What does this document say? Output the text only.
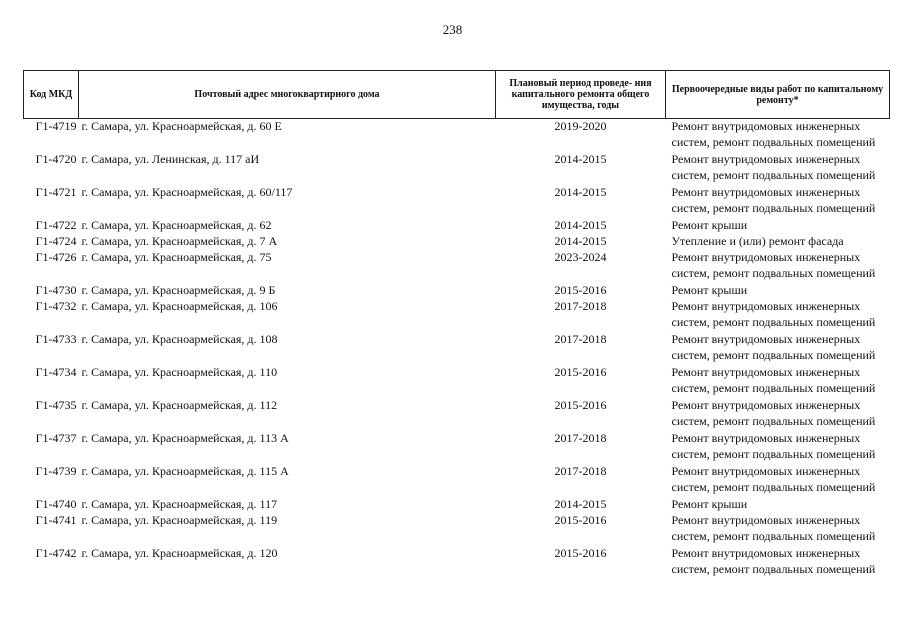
238
Код МКД	Почтовый адрес многоквартирного дома	Плановый период проведе- ния капитального ремонта общего имущества, годы	Первоочередные виды работ по капитальному ремонту*
Г1-4719	г. Самара, ул. Красноармейская, д. 60 Е	2019-2020	Ремонт внутридомовых инженерных систем, ремонт подвальных помещений
Г1-4720	г. Самара, ул. Ленинская, д. 117 аИ	2014-2015	Ремонт внутридомовых инженерных систем, ремонт подвальных помещений
Г1-4721	г. Самара, ул. Красноармейская, д. 60/117	2014-2015	Ремонт внутридомовых инженерных систем, ремонт подвальных помещений
Г1-4722	г. Самара, ул. Красноармейская, д. 62	2014-2015	Ремонт крыши
Г1-4724	г. Самара, ул. Красноармейская, д. 7 А	2014-2015	Утепление и (или) ремонт фасада
Г1-4726	г. Самара, ул. Красноармейская, д. 75	2023-2024	Ремонт внутридомовых инженерных систем, ремонт подвальных помещений
Г1-4730	г. Самара, ул. Красноармейская, д. 9 Б	2015-2016	Ремонт крыши
Г1-4732	г. Самара, ул. Красноармейская, д. 106	2017-2018	Ремонт внутридомовых инженерных систем, ремонт подвальных помещений
Г1-4733	г. Самара, ул. Красноармейская, д. 108	2017-2018	Ремонт внутридомовых инженерных систем, ремонт подвальных помещений
Г1-4734	г. Самара, ул. Красноармейская, д. 110	2015-2016	Ремонт внутридомовых инженерных систем, ремонт подвальных помещений
Г1-4735	г. Самара, ул. Красноармейская, д. 112	2015-2016	Ремонт внутридомовых инженерных систем, ремонт подвальных помещений
Г1-4737	г. Самара, ул. Красноармейская, д. 113 А	2017-2018	Ремонт внутридомовых инженерных систем, ремонт подвальных помещений
Г1-4739	г. Самара, ул. Красноармейская, д. 115 А	2017-2018	Ремонт внутридомовых инженерных систем, ремонт подвальных помещений
Г1-4740	г. Самара, ул. Красноармейская, д. 117	2014-2015	Ремонт крыши
Г1-4741	г. Самара, ул. Красноармейская, д. 119	2015-2016	Ремонт внутридомовых инженерных систем, ремонт подвальных помещений
Г1-4742	г. Самара, ул. Красноармейская, д. 120	2015-2016	Ремонт внутридомовых инженерных систем, ремонт подвальных помещений
